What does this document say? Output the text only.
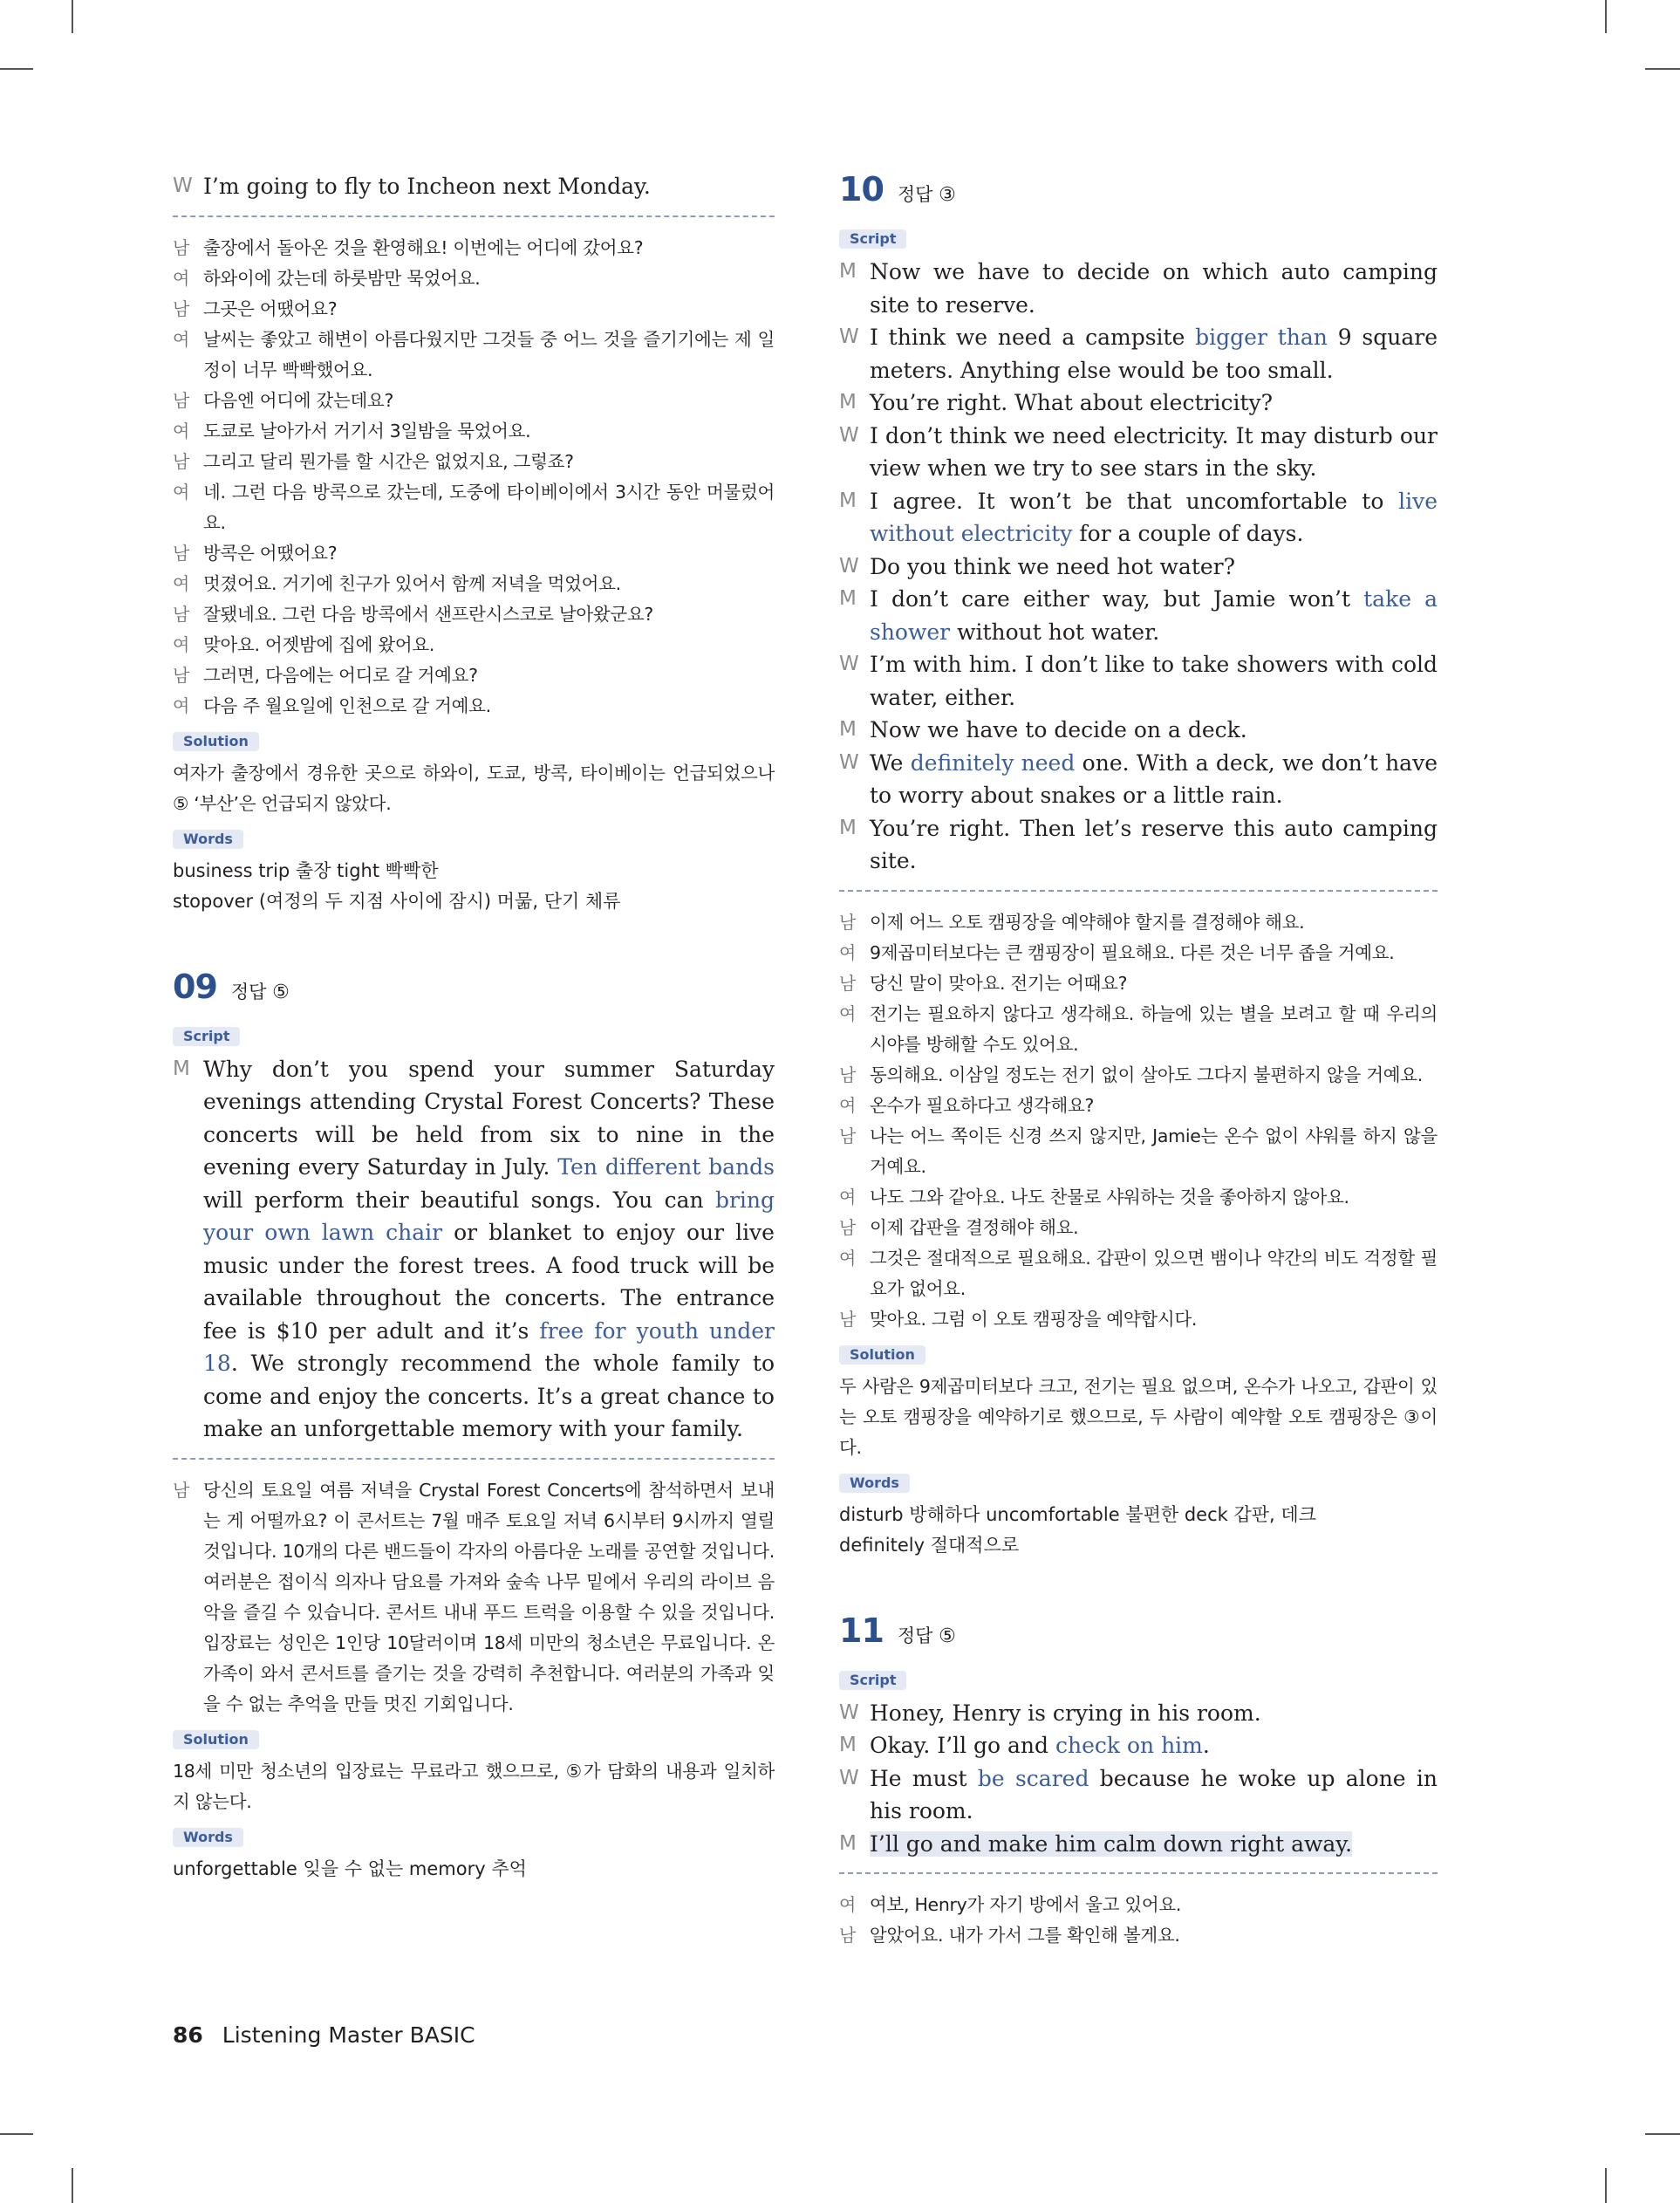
W I’m going to fly to Incheon next Monday.
남 출장에서 돌아온 것을 환영해요! 이번에는 어디에 갔어요?
여 하와이에 갔는데 하룻밤만 묵었어요.
남 그곳은 어땠어요?
여 날씨는 좋았고 해변이 아름다웠지만 그것들 중 어느 것을 즐기기에는 제 일정이 너무 빡빡했어요.
남 다음엔 어디에 갔는데요?
여 도쿄로 날아가서 거기서 3일밤을 묵었어요.
남 그리고 달리 뭔가를 할 시간은 없었지요, 그렇죠?
여 네. 그런 다음 방콕으로 갔는데, 도중에 타이베이에서 3시간 동안 머물렀어요.
남 방콕은 어땠어요?
여 멋졌어요. 거기에 친구가 있어서 함께 저녁을 먹었어요.
남 잘됐네요. 그런 다음 방콕에서 샌프란시스코로 날아왔군요?
여 맞아요. 어젯밤에 집에 왔어요.
남 그러면, 다음에는 어디로 갈 거예요?
여 다음 주 월요일에 인천으로 갈 거예요.
Solution
여자가 출장에서 경유한 곳으로 하와이, 도쿄, 방콕, 타이베이는 언급되었으나 ⑤ ‘부산’은 언급되지 않았다.
Words
business trip 출장 tight 빡빡한
stopover (여정의 두 지점 사이에 잠시) 머묾, 단기 체류
09 정답 ⑤
Script
M Why don’t you spend your summer Saturday evenings attending Crystal Forest Concerts? These concerts will be held from six to nine in the evening every Saturday in July. Ten different bands will perform their beautiful songs. You can bring your own lawn chair or blanket to enjoy our live music under the forest trees. A food truck will be available throughout the concerts. The entrance fee is $10 per adult and it’s free for youth under 18. We strongly recommend the whole family to come and enjoy the concerts. It’s a great chance to make an unforgettable memory with your family.
남 당신의 토요일 여름 저녁을 Crystal Forest Concerts에 참석하면서 보내는 게 어떨까요? 이 콘서트는 7월 매주 토요일 저녁 6시부터 9시까지 열릴 것입니다. 10개의 다른 밴드들이 각자의 아름다운 노래를 공연할 것입니다. 여러분은 접이식 의자나 담요를 가져와 숲속 나무 밑에서 우리의 라이브 음악을 즐길 수 있습니다. 콘서트 내내 푸드 트럭을 이용할 수 있을 것입니다. 입장료는 성인은 1인당 10달러이며 18세 미만의 청소년은 무료입니다. 온 가족이 와서 콘서트를 즐기는 것을 강력히 추천합니다. 여러분의 가족과 잊을 수 없는 추억을 만들 멋진 기회입니다.
Solution
18세 미만 청소년의 입장료는 무료라고 했으므로, ⑤가 담화의 내용과 일치하지 않는다.
Words
unforgettable 잊을 수 없는 memory 추억
10 정답 ③
Script
M Now we have to decide on which auto camping site to reserve.
W I think we need a campsite bigger than 9 square meters. Anything else would be too small.
M You’re right. What about electricity?
W I don’t think we need electricity. It may disturb our view when we try to see stars in the sky.
M I agree. It won’t be that uncomfortable to live without electricity for a couple of days.
W Do you think we need hot water?
M I don’t care either way, but Jamie won’t take a shower without hot water.
W I’m with him. I don’t like to take showers with cold water, either.
M Now we have to decide on a deck.
W We definitely need one. With a deck, we don’t have to worry about snakes or a little rain.
M You’re right. Then let’s reserve this auto camping site.
남 이제 어느 오토 캠핑장을 예약해야 할지를 결정해야 해요.
여 9제곱미터보다는 큰 캠핑장이 필요해요. 다른 것은 너무 좁을 거예요.
남 당신 말이 맞아요. 전기는 어때요?
여 전기는 필요하지 않다고 생각해요. 하늘에 있는 별을 보려고 할 때 우리의 시야를 방해할 수도 있어요.
남 동의해요. 이삼일 정도는 전기 없이 살아도 그다지 불편하지 않을 거예요.
여 온수가 필요하다고 생각해요?
남 나는 어느 쪽이든 신경 쓰지 않지만, Jamie는 온수 없이 샤워를 하지 않을 거예요.
여 나도 그와 같아요. 나도 찬물로 샤워하는 것을 좋아하지 않아요.
남 이제 갑판을 결정해야 해요.
여 그것은 절대적으로 필요해요. 갑판이 있으면 뱀이나 약간의 비도 걱정할 필요가 없어요.
남 맞아요. 그럼 이 오토 캠핑장을 예약합시다.
Solution
두 사람은 9제곱미터보다 크고, 전기는 필요 없으며, 온수가 나오고, 갑판이 있는 오토 캠핑장을 예약하기로 했으므로, 두 사람이 예약할 오토 캠핑장은 ③이다.
Words
disturb 방해하다 uncomfortable 불편한 deck 갑판, 데크
definitely 절대적으로
11 정답 ⑤
Script
W Honey, Henry is crying in his room.
M Okay. I’ll go and check on him.
W He must be scared because he woke up alone in his room.
M I’ll go and make him calm down right away.
여 여보, Henry가 자기 방에서 울고 있어요.
남 알았어요. 내가 가서 그를 확인해 볼게요.
86 Listening Master BASIC
